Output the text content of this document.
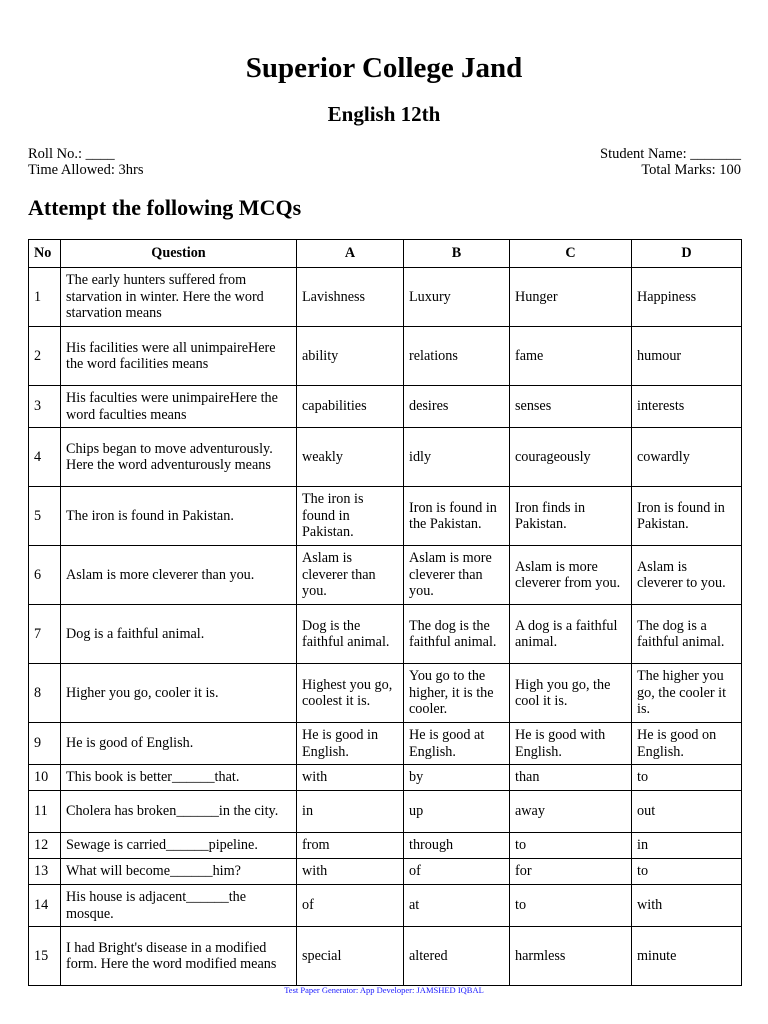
Superior College Jand
English 12th
Roll No.: ____
Time Allowed: 3hrs
Student Name: _______
Total Marks: 100
Attempt the following MCQs
No	Question	A	B	C	D
1	The early hunters suffered from starvation in winter. Here the word starvation means	Lavishness	Luxury	Hunger	Happiness
2	His facilities were all unimpaireHere the word facilities means	ability	relations	fame	humour
3	His faculties were unimpaireHere the word faculties means	capabilities	desires	senses	interests
4	Chips began to move adventurously. Here the word adventurously means	weakly	idly	courageously	cowardly
5	The iron is found in Pakistan.	The iron is found in Pakistan.	Iron is found in the Pakistan.	Iron finds in Pakistan.	Iron is found in Pakistan.
6	Aslam is more cleverer than you.	Aslam is cleverer than you.	Aslam is more cleverer than you.	Aslam is more cleverer from you.	Aslam is cleverer to you.
7	Dog is a faithful animal.	Dog is the faithful animal.	The dog is the faithful animal.	A dog is a faithful animal.	The dog is a faithful animal.
8	Higher you go, cooler it is.	Highest you go, coolest it is.	You go to the higher, it is the cooler.	High you go, the cool it is.	The higher you go, the cooler it is.
9	He is good of English.	He is good in English.	He is good at English.	He is good with English.	He is good on English.
10	This book is better______that.	with	by	than	to
11	Cholera has broken______in the city.	in	up	away	out
12	Sewage is carried______pipeline.	from	through	to	in
13	What will become______him?	with	of	for	to
14	His house is adjacent______the mosque.	of	at	to	with
15	I had Bright's disease in a modified form. Here the word modified means	special	altered	harmless	minute
Test Paper Generator: App Developer: JAMSHED IQBAL
